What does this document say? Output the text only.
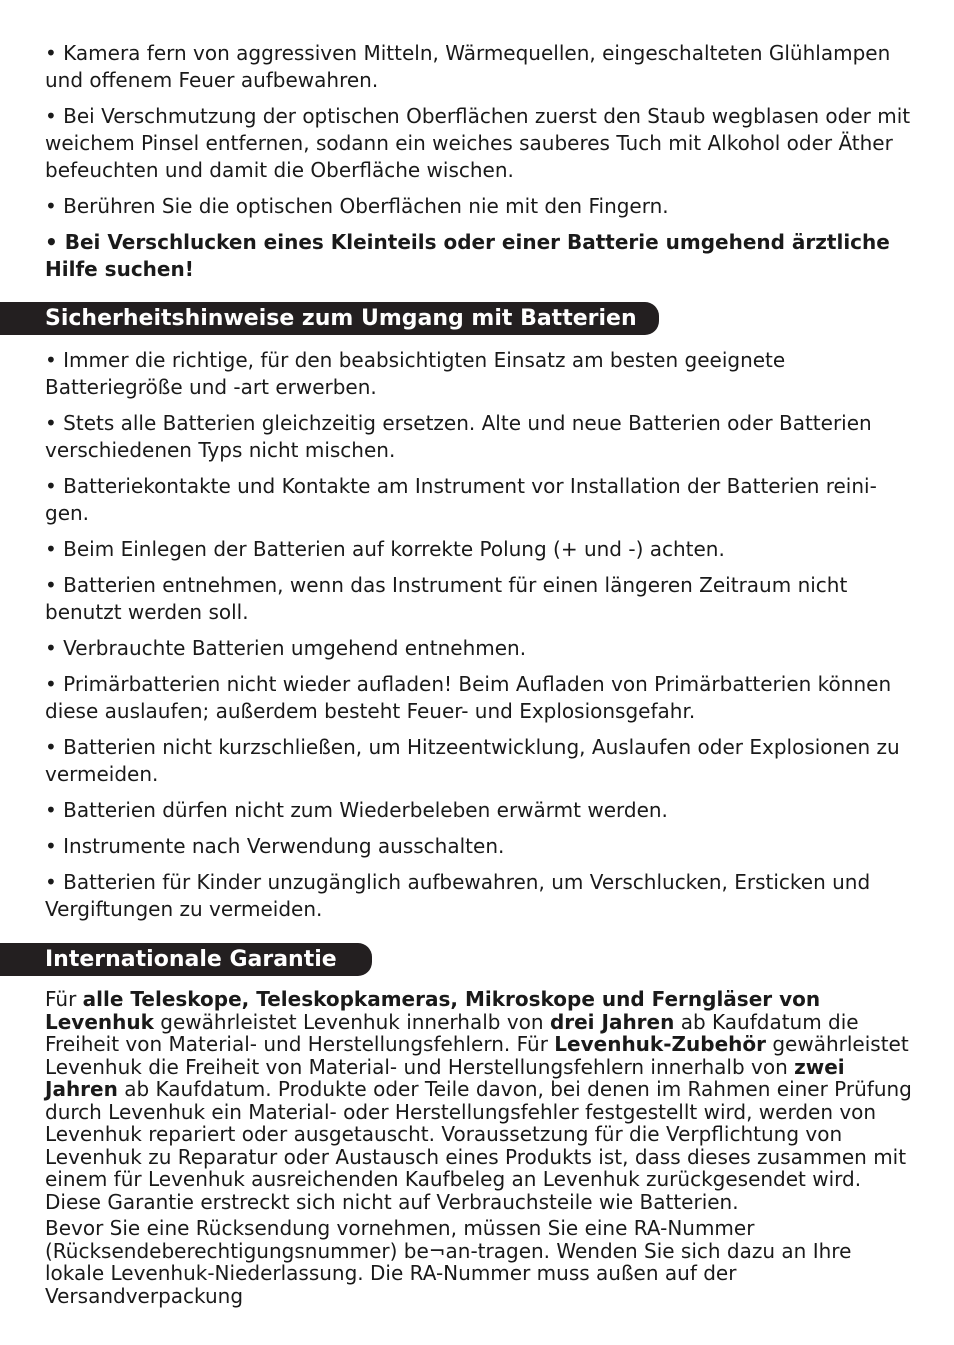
• Kamera fern von aggressiven Mitteln, Wärmequellen, eingeschalteten Glühlampen und offenem Feuer aufbewahren.

• Bei Verschmutzung der optischen Oberflächen zuerst den Staub wegblasen oder mit weichem Pinsel entfernen, sodann ein weiches sauberes Tuch mit Alkohol oder Äther befeuchten und damit die Oberfläche wischen.

• Berühren Sie die optischen Oberflächen nie mit den Fingern.

• Bei Verschlucken eines Kleinteils oder einer Batterie umgehend ärztliche Hilfe suchen!

Sicherheitshinweise zum Umgang mit Batterien

• Immer die richtige, für den beabsichtigten Einsatz am besten geeignete Batteriegröße und -art erwerben.

• Stets alle Batterien gleichzeitig ersetzen. Alte und neue Batterien oder Batterien verschiedenen Typs nicht mischen.

• Batteriekontakte und Kontakte am Instrument vor Installation der Batterien reini-gen.

• Beim Einlegen der Batterien auf korrekte Polung (+ und -) achten.

• Batterien entnehmen, wenn das Instrument für einen längeren Zeitraum nicht benutzt werden soll.

• Verbrauchte Batterien umgehend entnehmen.

• Primärbatterien nicht wieder aufladen! Beim Aufladen von Primärbatterien können diese auslaufen; außerdem besteht Feuer- und Explosionsgefahr.

• Batterien nicht kurzschließen, um Hitzeentwicklung, Auslaufen oder Explosionen zu vermeiden.

• Batterien dürfen nicht zum Wiederbeleben erwärmt werden.

• Instrumente nach Verwendung ausschalten.

• Batterien für Kinder unzugänglich aufbewahren, um Verschlucken, Ersticken und Vergiftungen zu vermeiden.

Internationale Garantie

Für alle Teleskope, Teleskopkameras, Mikroskope und Ferngläser von Levenhuk gewährleistet Levenhuk innerhalb von drei Jahren ab Kaufdatum die Freiheit von Material- und Herstellungsfehlern. Für Levenhuk-Zubehör gewährleistet Levenhuk die Freiheit von Material- und Herstellungsfehlern innerhalb von zwei Jahren ab Kaufdatum. Produkte oder Teile davon, bei denen im Rahmen einer Prüfung durch Levenhuk ein Material- oder Herstellungsfehler festgestellt wird, werden von Levenhuk repariert oder ausgetauscht. Voraussetzung für die Verpflichtung von Levenhuk zu Reparatur oder Austausch eines Produkts ist, dass dieses zusammen mit einem für Levenhuk ausreichenden Kaufbeleg an Levenhuk zurückgesendet wird. Diese Garantie erstreckt sich nicht auf Verbrauchsteile wie Batterien.

Bevor Sie eine Rücksendung vornehmen, müssen Sie eine RA-Nummer (Rücksendeberechtigungsnummer) be¬an-tragen. Wenden Sie sich dazu an Ihre lokale Levenhuk-Niederlassung. Die RA-Nummer muss außen auf der Versandverpackung
